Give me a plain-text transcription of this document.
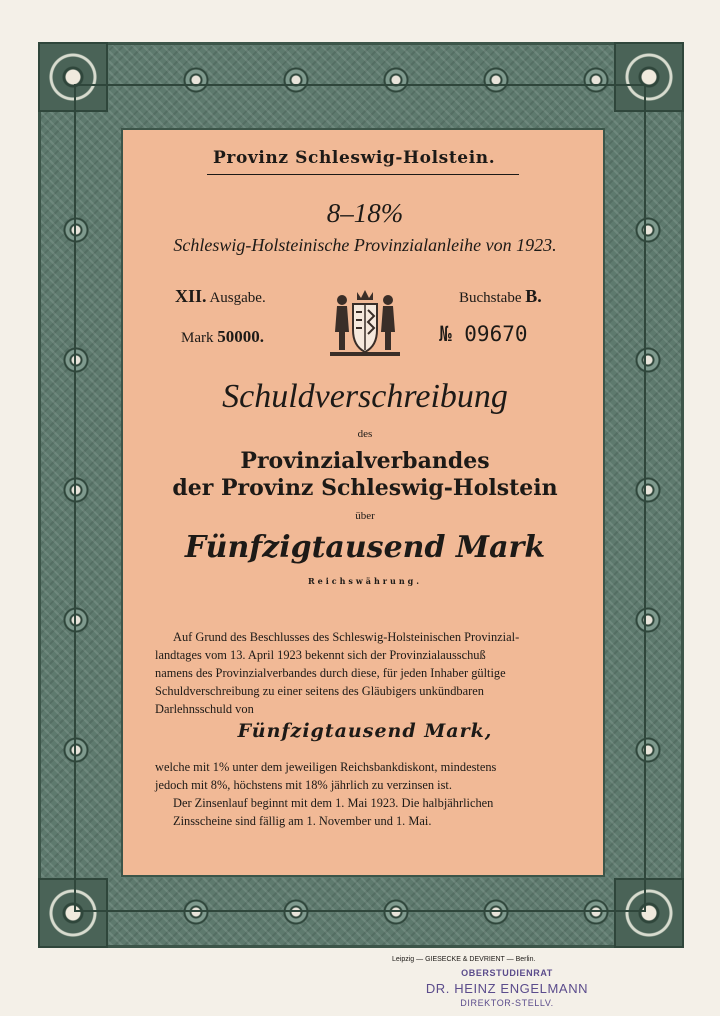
Provinz Schleswig-Holstein.

8–18%

Schleswig-Holsteinische Provinzialanleihe von 1923.

XII. Ausgabe.	Buchstabe B.
Mark 50000.	№ 09670

Schuldverschreibung

des

Provinzialverbandes

der Provinz Schleswig-Holstein

über

Fünfzigtausend Mark

Reichswährung.

Auf Grund des Beschlusses des Schleswig-Holsteinischen Provinzial-
landtages vom 13. April 1923 bekennt sich der Provinzialausschuß
namens des Provinzialverbandes durch diese, für jeden Inhaber gültige
Schuldverschreibung zu einer seitens des Gläubigers unkündbaren
Darlehnsschuld von

Fünfzigtausend Mark,

welche mit 1% unter dem jeweiligen Reichsbankdiskont, mindestens
jedoch mit 8%, höchstens mit 18% jährlich zu verzinsen ist.
Der Zinsenlauf beginnt mit dem 1. Mai 1923. Die halbjährlichen
Zinsscheine sind fällig am 1. November und 1. Mai.

Leipzig — GIESECKE & DEVRIENT — Berlin.
OBERSTUDIENRAT
DR. HEINZ ENGELMANN
DIREKTOR-STELLV.
